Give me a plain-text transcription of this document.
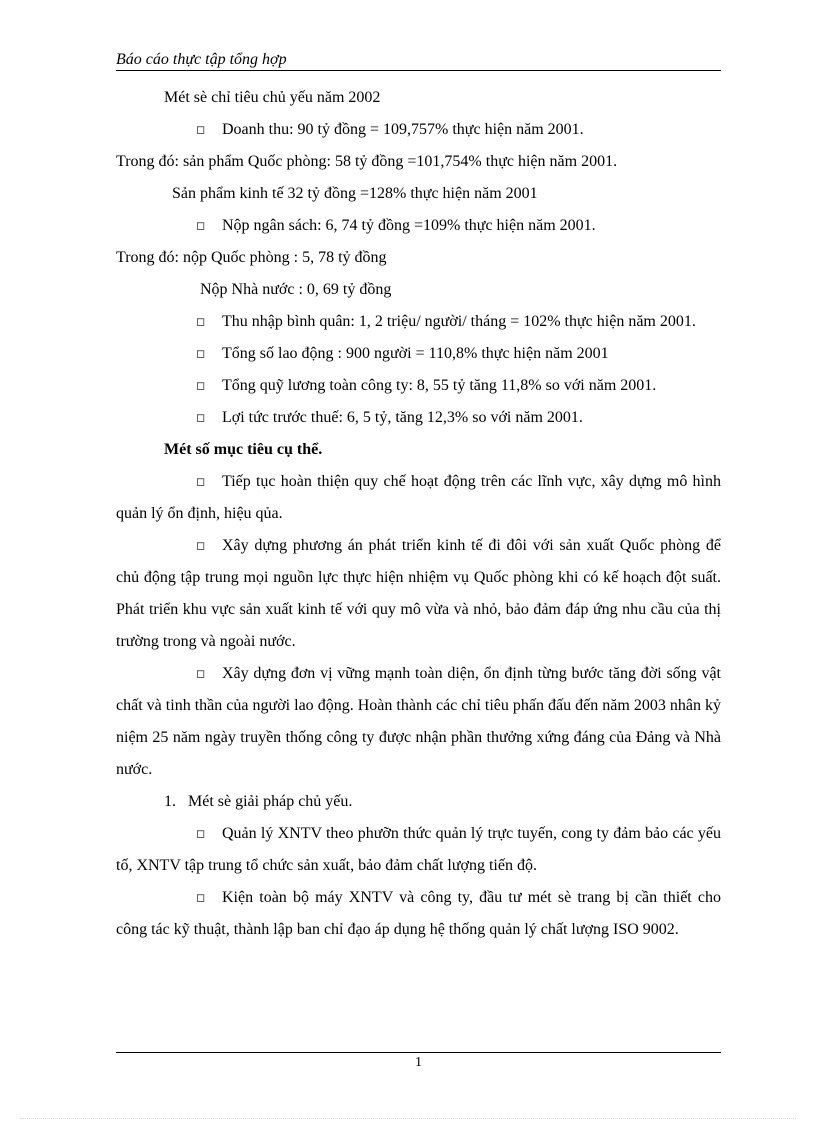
Báo cáo thực tập tổng hợp

Mét sè chỉ tiêu chủ yếu năm 2002

◻ Doanh thu: 90 tỷ đồng = 109,757% thực hiện năm 2001.

Trong đó: sản phẩm Quốc phòng: 58 tỷ đồng =101,754% thực hiện năm 2001.

Sản phẩm kinh tế 32 tỷ đồng =128% thực hiện năm 2001

◻ Nộp ngân sách: 6, 74 tỷ đồng =109% thực hiện năm 2001.

Trong đó: nộp Quốc phòng : 5, 78 tỷ đồng

Nộp Nhà nước : 0, 69 tỷ đồng

◻ Thu nhập bình quân: 1, 2 triệu/ người/ tháng = 102% thực hiện năm 2001.

◻ Tổng số lao động : 900 người = 110,8% thực hiện năm 2001

◻ Tổng quỹ lương toàn công ty: 8, 55 tỷ tăng 11,8% so với năm 2001.

◻ Lợi tức trước thuế: 6, 5 tỷ, tăng 12,3% so với năm 2001.

Mét số mục tiêu cụ thể.

◻ Tiếp tục hoàn thiện quy chế hoạt động trên các lĩnh vực, xây dựng mô hình quản lý ổn định, hiệu qủa.

◻ Xây dựng phương án phát triển kinh tế đi đôi với sản xuất Quốc phòng để chủ động tập trung mọi nguồn lực thực hiện nhiệm vụ Quốc phòng khi có kế hoạch đột suất. Phát triển khu vực sản xuất kinh tế với quy mô vừa và nhỏ, bảo đảm đáp ứng nhu cầu của thị trường trong và ngoài nước.

◻ Xây dựng đơn vị vững mạnh toàn diện, ổn định từng bước tăng đời sống vật chất và tinh thần của người lao động. Hoàn thành các chỉ tiêu phấn đấu đến năm 2003 nhân kỷ niệm 25 năm ngày truyền thống công ty được nhận phần thưởng xứng đáng của Đảng và Nhà nước.

1. Mét sè giải pháp chủ yếu.

◻ Quản lý XNTV theo phưỡn thức quản lý trực tuyến, cong ty đảm bảo các yếu tố, XNTV tập trung tổ chức sản xuất, bảo đảm chất lượng tiến độ.

◻ Kiện toàn bộ máy XNTV và công ty, đầu tư mét sè trang bị cần thiết cho công tác kỹ thuật, thành lập ban chỉ đạo áp dụng hệ thống quản lý chất lượng ISO 9002.

1
